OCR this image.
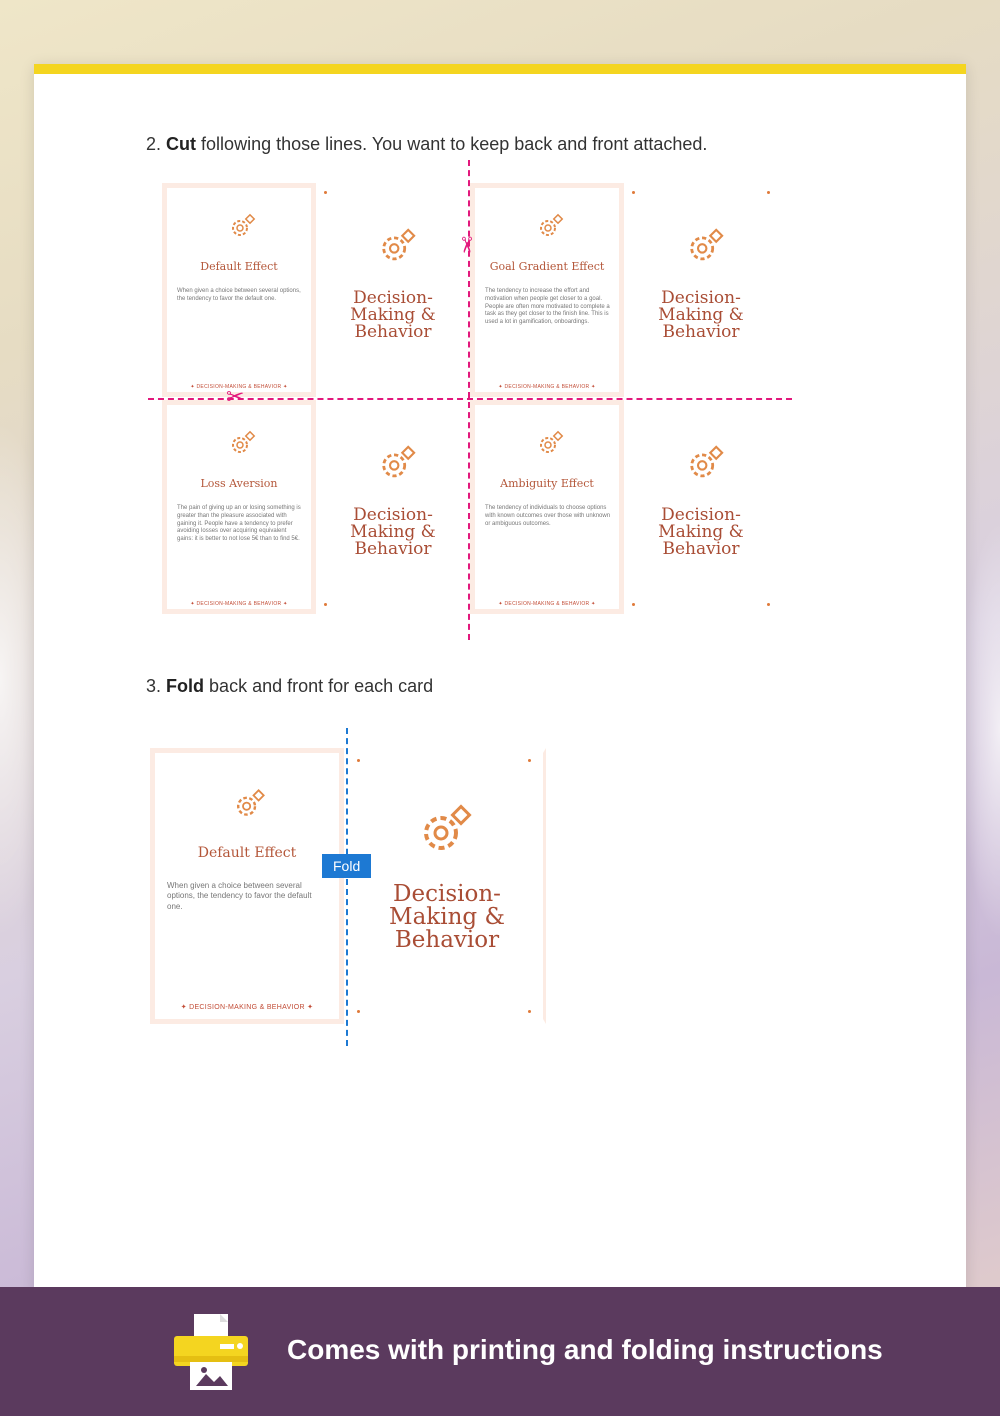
2. Cut following those lines. You want to keep back and front attached.

Default Effect
When given a choice between several options, the tendency to favor the default one.
✦ DECISION-MAKING & BEHAVIOR ✦
Decision-
Making &
Behavior
Goal Gradient Effect
The tendency to increase the effort and motivation when people get closer to a goal. People are often more motivated to complete a task as they get closer to the finish line. This is used a lot in gamification, onboardings.
✦ DECISION-MAKING & BEHAVIOR ✦
Decision-
Making &
Behavior
Loss Aversion
The pain of giving up an or losing something is greater than the pleasure associated with gaining it. People have a tendency to prefer avoiding losses over acquiring equivalent gains: it is better to not lose 5€ than to find 5€.
✦ DECISION-MAKING & BEHAVIOR ✦
Decision-
Making &
Behavior
Ambiguity Effect
The tendency of individuals to choose options with known outcomes over those with unknown or ambiguous outcomes.
✦ DECISION-MAKING & BEHAVIOR ✦
Decision-
Making &
Behavior
✂
✂

3. Fold back and front for each card

Default Effect
When given a choice between several options, the tendency to favor the default one.
✦ DECISION-MAKING & BEHAVIOR ✦
Decision-
Making &
Behavior
Fold

Comes with printing and folding instructions
